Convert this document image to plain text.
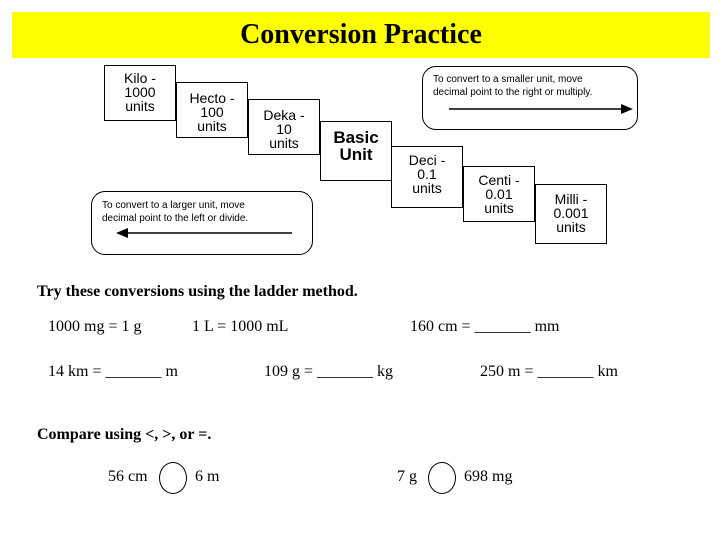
Conversion Practice
Kilo -
1000
units	Hecto -
100
units
Deka -
10
units	Basic
Unit	Deci -
0.1
units	Centi -
0.01
units
Milli -
0.001
units
To convert to a smaller unit, move
decimal point to the right or multiply.
To convert to a larger unit, move
decimal point to the left or divide.
Try these conversions using the ladder method.
1000 mg = 1 g	1 L = 1000 mL	160 cm = _______ mm
14 km = _______ m	109 g = _______ kg	250 m = _______ km
Compare using <, >, or =.
56 cm	6 m	7 g	698 mg
